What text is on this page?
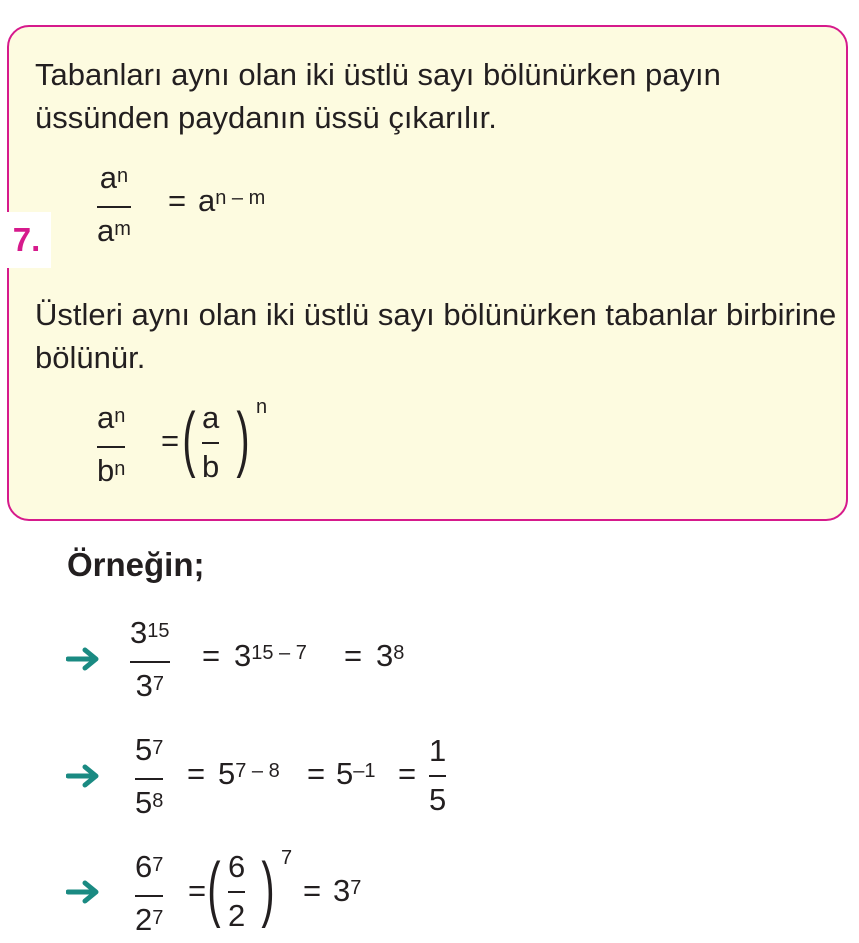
7.

Tabanları aynı olan iki üstlü sayı bölünürken payın üssünden paydanın üssü çıkarılır.

$a^n$
$a^m$
= $a^{n - m}$

Üstleri aynı olan iki üstlü sayı bölünürken tabanlar birbirine bölünür.

$a^n$
$b^n$
= ( a
b ) n
Örneğin;
$3^{15}$
$3^7$
= $3^{15 - 7} = 3^8$
$5^7$
$5^8$
= $5^{7 - 8} = 5^{-1}$ =
1
5
$6^7$
$2^7$
= ( 6
2 ) 7
= $3^7$
